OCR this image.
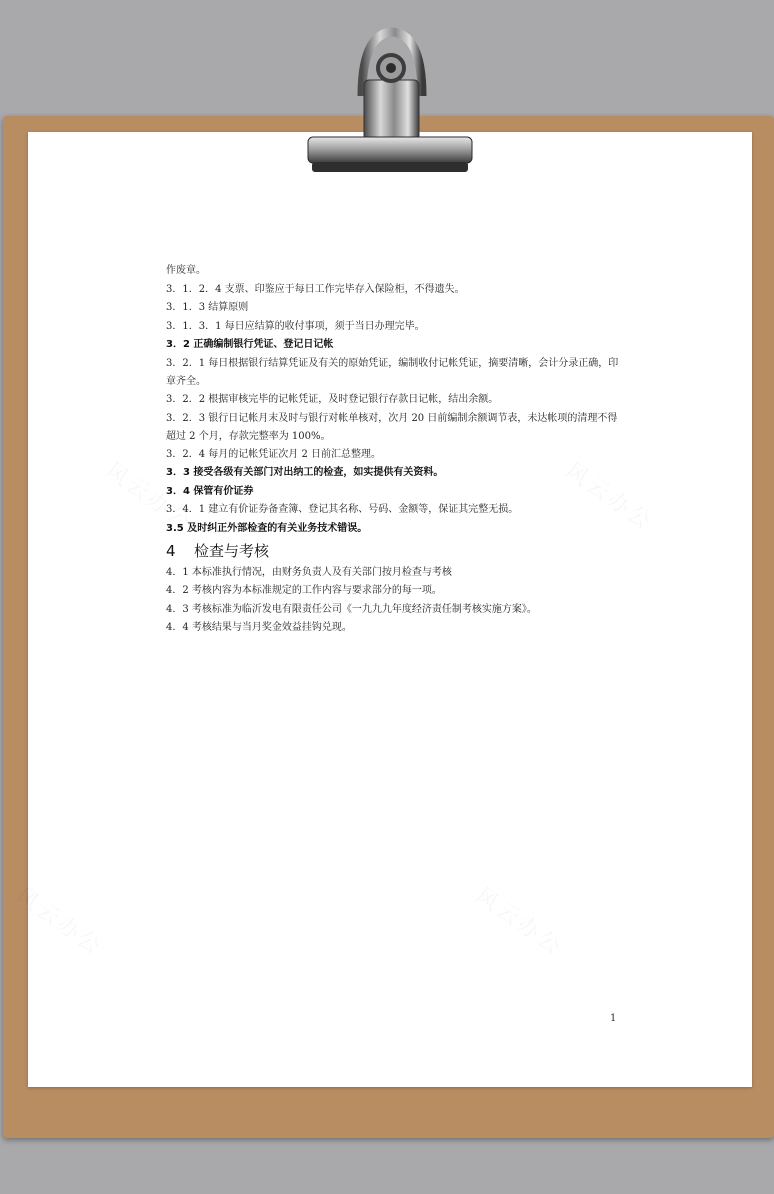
作废章。

3．1．2．4 支票、印鉴应于每日工作完毕存入保险柜，不得遗失。

3．1．3 结算原则

3．1．3．1 每日应结算的收付事项，须于当日办理完毕。

3．2 正确编制银行凭证、登记日记帐

3．2．1 每日根据银行结算凭证及有关的原始凭证，编制收付记帐凭证，摘要清晰，会计分录正确，印章齐全。

3．2．2 根据审核完毕的记帐凭证，及时登记银行存款日记帐，结出余额。

3．2．3 银行日记帐月末及时与银行对帐单核对，次月 20 日前编制余额调节表，未达帐项的清理不得超过 2 个月，存款完整率为 100%。

3．2．4 每月的记帐凭证次月 2 日前汇总整理。

3．3 接受各级有关部门对出纳工的检查，如实提供有关资料。

3．4 保管有价证券

3．4．1 建立有价证券备查簿、登记其名称、号码、金额等，保证其完整无损。

3.5 及时纠正外部检查的有关业务技术错误。

4 检查与考核

4．1 本标准执行情况，由财务负责人及有关部门按月检查与考核

4．2 考核内容为本标准规定的工作内容与要求部分的每一项。

4．3 考核标准为临沂发电有限责任公司《一九九九年度经济责任制考核实施方案》。

4．4 考核结果与当月奖金效益挂钩兑现。

1
